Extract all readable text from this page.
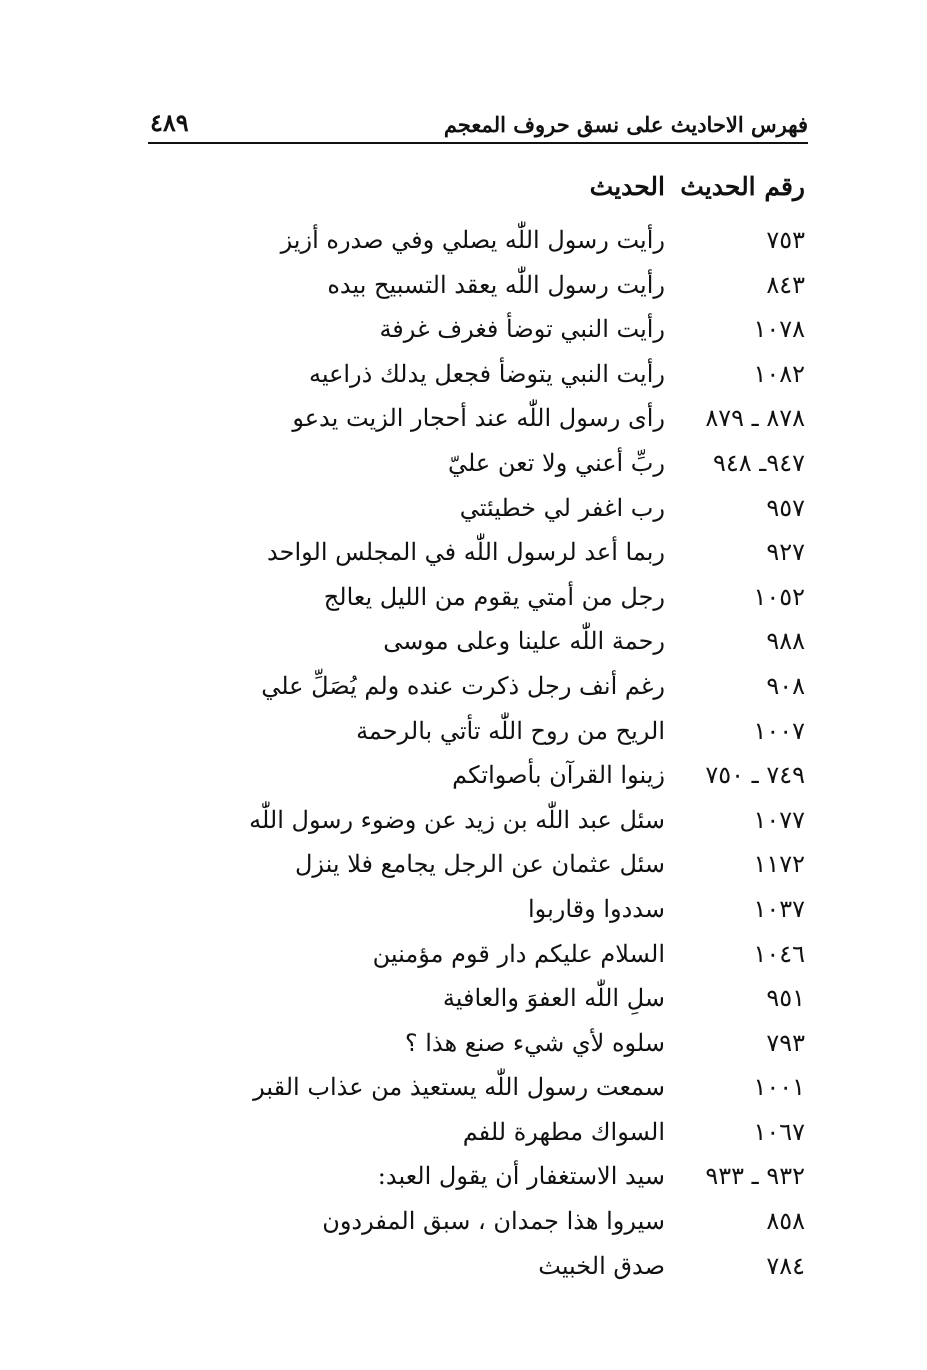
فهرس الاحاديث على نسق حروف المعجم
٤٨٩
رقم الحديث
الحديث
٧٥٣
رأيت رسول اللّٰه يصلي وفي صدره أزيز
٨٤٣
رأيت رسول اللّٰه يعقد التسبيح بيده
١٠٧٨
رأيت النبي توضأ فغرف غرفة
١٠٨٢
رأيت النبي يتوضأ فجعل يدلك ذراعيه
٨٧٨ ـ ٨٧٩
رأى رسول اللّٰه عند أحجار الزيت يدعو
٩٤٧ـ ٩٤٨
ربِّ أعني ولا تعن عليّ
٩٥٧
رب اغفر لي خطيئتي
٩٢٧
ربما أعد لرسول اللّٰه في المجلس الواحد
١٠٥٢
رجل من أمتي يقوم من الليل يعالج
٩٨٨
رحمة اللّٰه علينا وعلى موسى
٩٠٨
رغم أنف رجل ذكرت عنده ولم يُصَلِّ علي
١٠٠٧
الريح من روح اللّٰه تأتي بالرحمة
٧٤٩ ـ ٧٥٠
زينوا القرآن بأصواتكم
١٠٧٧
سئل عبد اللّٰه بن زيد عن وضوء رسول اللّٰه
١١٧٢
سئل عثمان عن الرجل يجامع فلا ينزل
١٠٣٧
سددوا وقاربوا
١٠٤٦
السلام عليكم دار قوم مؤمنين
٩٥١
سلِ اللّٰه العفوَ والعافية
٧٩٣
سلوه لأي شيء صنع هذا ؟
١٠٠١
سمعت رسول اللّٰه يستعيذ من عذاب القبر
١٠٦٧
السواك مطهرة للفم
٩٣٢ ـ ٩٣٣
سيد الاستغفار أن يقول العبد:
٨٥٨
سيروا هذا جمدان ، سبق المفردون
٧٨٤
صدق الخبيث
